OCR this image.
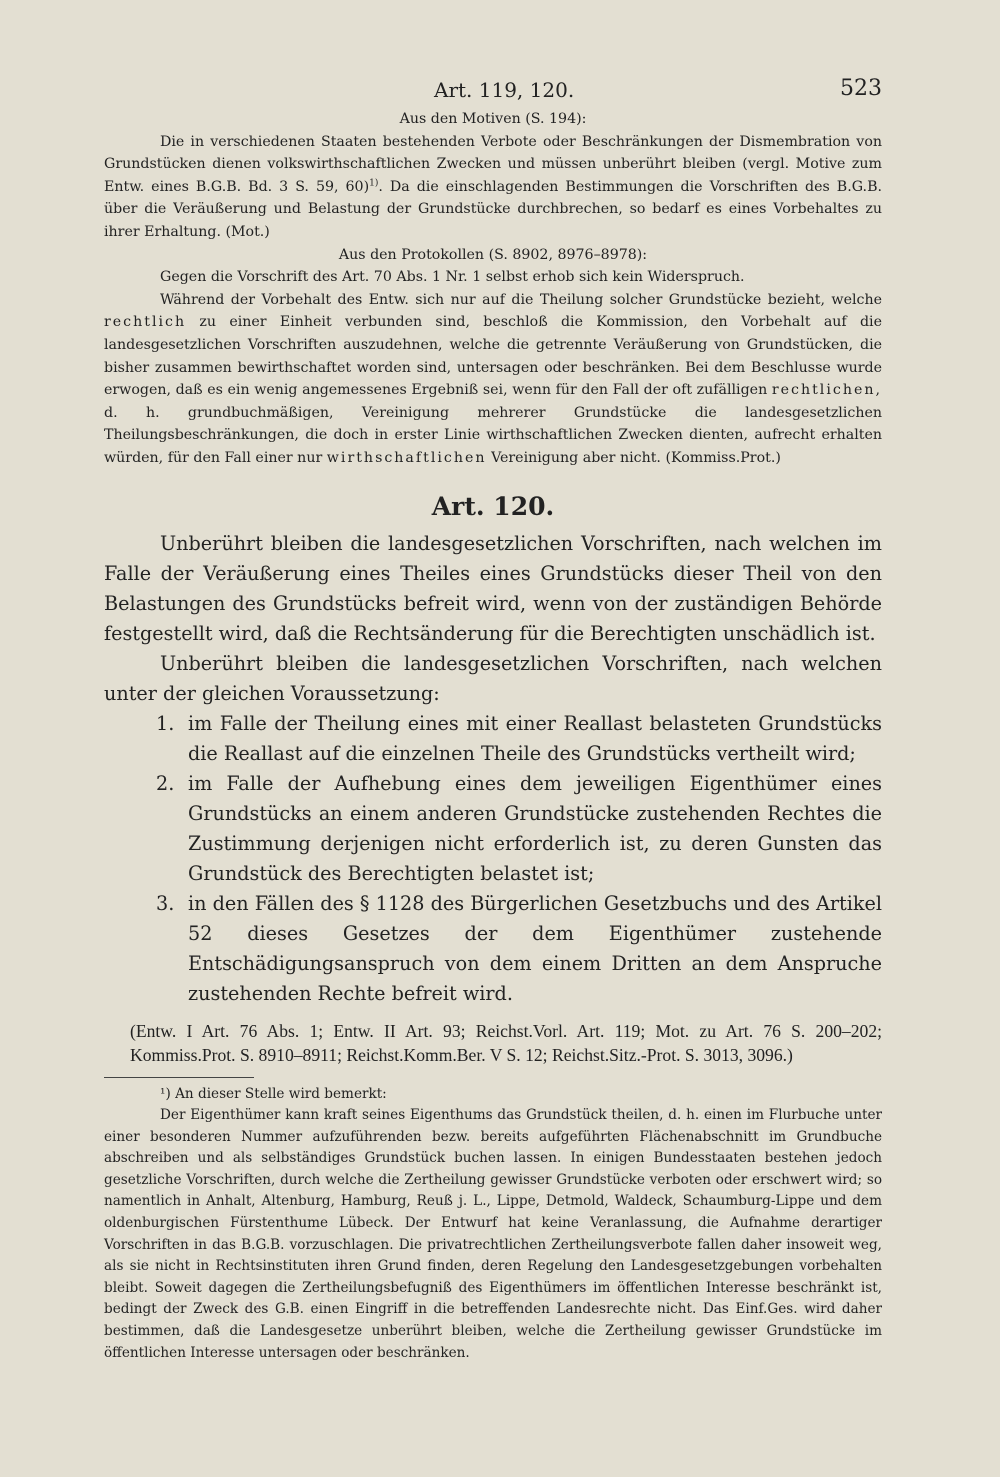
Art. 119, 120.	523
Aus den Motiven (S. 194):

Die in verschiedenen Staaten bestehenden Verbote oder Beschränkungen der Dismembration von Grundstücken dienen volkswirthschaftlichen Zwecken und müssen unberührt bleiben (vergl. Motive zum Entw. eines B.G.B. Bd. 3 S. 59, 60)$^{1)}$. Da die einschlagenden Bestimmungen die Vorschriften des B.G.B. über die Veräußerung und Belastung der Grundstücke durchbrechen, so bedarf es eines Vorbehaltes zu ihrer Erhaltung. (Mot.)

Aus den Protokollen (S. 8902, 8976–8978):

Gegen die Vorschrift des Art. 70 Abs. 1 Nr. 1 selbst erhob sich kein Widerspruch.

Während der Vorbehalt des Entw. sich nur auf die Theilung solcher Grundstücke bezieht, welche rechtlich zu einer Einheit verbunden sind, beschloß die Kommission, den Vorbehalt auf die landesgesetzlichen Vorschriften auszudehnen, welche die getrennte Veräußerung von Grundstücken, die bisher zusammen bewirthschaftet worden sind, untersagen oder beschränken. Bei dem Beschlusse wurde erwogen, daß es ein wenig angemessenes Ergebniß sei, wenn für den Fall der oft zufälligen rechtlichen, d. h. grundbuchmäßigen, Vereinigung mehrerer Grundstücke die landesgesetzlichen Theilungsbeschränkungen, die doch in erster Linie wirthschaftlichen Zwecken dienten, aufrecht erhalten würden, für den Fall einer nur wirthschaftlichen Vereinigung aber nicht. (Kommiss.Prot.)

Art. 120.

Unberührt bleiben die landesgesetzlichen Vorschriften, nach welchen im Falle der Veräußerung eines Theiles eines Grundstücks dieser Theil von den Belastungen des Grundstücks befreit wird, wenn von der zuständigen Behörde festgestellt wird, daß die Rechtsänderung für die Berechtigten unschädlich ist.

Unberührt bleiben die landesgesetzlichen Vorschriften, nach welchen unter der gleichen Voraussetzung:

1. im Falle der Theilung eines mit einer Reallast belasteten Grundstücks die Reallast auf die einzelnen Theile des Grundstücks vertheilt wird;
2. im Falle der Aufhebung eines dem jeweiligen Eigenthümer eines Grundstücks an einem anderen Grundstücke zustehenden Rechtes die Zustimmung derjenigen nicht erforderlich ist, zu deren Gunsten das Grundstück des Berechtigten belastet ist;
3. in den Fällen des § 1128 des Bürgerlichen Gesetzbuchs und des Artikel 52 dieses Gesetzes der dem Eigenthümer zustehende Entschädigungsanspruch von dem einem Dritten an dem Anspruche zustehenden Rechte befreit wird.
(Entw. I Art. 76 Abs. 1; Entw. II Art. 93; Reichst.Vorl. Art. 119; Mot. zu Art. 76 S. 200–202; Kommiss.Prot. S. 8910–8911; Reichst.Komm.Ber. V S. 12; Reichst.Sitz.-Prot. S. 3013, 3096.)

¹) An dieser Stelle wird bemerkt:

Der Eigenthümer kann kraft seines Eigenthums das Grundstück theilen, d. h. einen im Flurbuche unter einer besonderen Nummer aufzuführenden bezw. bereits aufgeführten Flächenabschnitt im Grundbuche abschreiben und als selbständiges Grundstück buchen lassen. In einigen Bundesstaaten bestehen jedoch gesetzliche Vorschriften, durch welche die Zertheilung gewisser Grundstücke verboten oder erschwert wird; so namentlich in Anhalt, Altenburg, Hamburg, Reuß j. L., Lippe, Detmold, Waldeck, Schaumburg-Lippe und dem oldenburgischen Fürstenthume Lübeck. Der Entwurf hat keine Veranlassung, die Aufnahme derartiger Vorschriften in das B.G.B. vorzuschlagen. Die privatrechtlichen Zertheilungsverbote fallen daher insoweit weg, als sie nicht in Rechtsinstituten ihren Grund finden, deren Regelung den Landesgesetzgebungen vorbehalten bleibt. Soweit dagegen die Zertheilungsbefugniß des Eigenthümers im öffentlichen Interesse beschränkt ist, bedingt der Zweck des G.B. einen Eingriff in die betreffenden Landesrechte nicht. Das Einf.Ges. wird daher bestimmen, daß die Landesgesetze unberührt bleiben, welche die Zertheilung gewisser Grundstücke im öffentlichen Interesse untersagen oder beschränken.
